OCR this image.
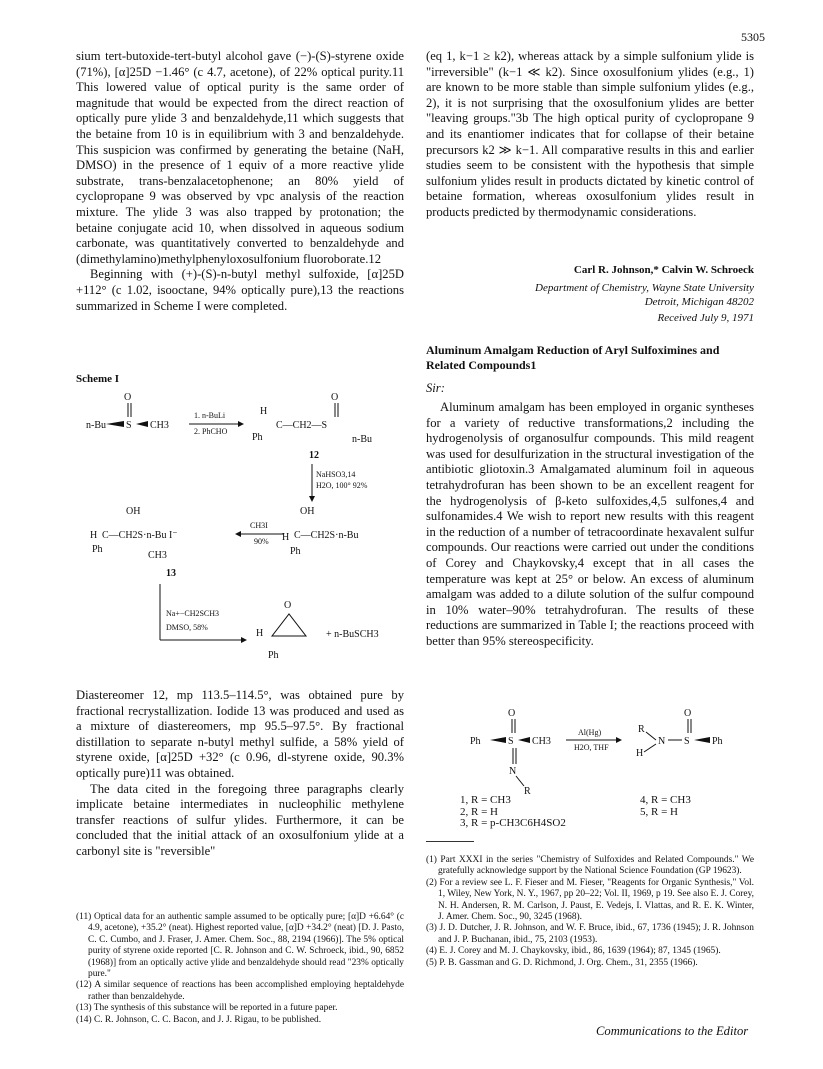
5305

sium tert-butoxide-tert-butyl alcohol gave (−)-(S)-styrene oxide (71%), [α]25D −1.46° (c 4.7, acetone), of 22% optical purity.11 This lowered value of optical purity is the same order of magnitude that would be expected from the direct reaction of optically pure ylide 3 and benzaldehyde,11 which suggests that the betaine from 10 is in equilibrium with 3 and benzaldehyde. This suspicion was confirmed by generating the betaine (NaH, DMSO) in the presence of 1 equiv of a more reactive ylide substrate, trans-benzalacetophenone; an 80% yield of cyclopropane 9 was observed by vpc analysis of the reaction mixture. The ylide 3 was also trapped by protonation; the betaine conjugate acid 10, when dissolved in aqueous sodium carbonate, was quantitatively converted to benzaldehyde and (dimethylamino)methylphenyloxosulfonium fluoroborate.12

Beginning with (+)-(S)-n-butyl methyl sulfoxide, [α]25D +112° (c 1.02, isooctane, 94% optically pure),13 the reactions summarized in Scheme I were completed.

Scheme I
n-Bu S
O
CH3
1. n-BuLi
2. PhCHO
H
Ph
C—CH2—S
O
n-Bu
12
NaHSO3,14
H2O, 100° 92%
OH
H C—CH2S·n-Bu I⁻
Ph
CH3
CH3I
90%
OH
H C—CH2S·n-Bu
Ph
13
Na+−CH2SCH3
DMSO, 58%
H
O
Ph
+ n-BuSCH3

Diastereomer 12, mp 113.5–114.5°, was obtained pure by fractional recrystallization. Iodide 13 was produced and used as a mixture of diastereomers, mp 95.5–97.5°. By fractional distillation to separate n-butyl methyl sulfide, a 58% yield of styrene oxide, [α]25D +32° (c 0.96, dl-styrene oxide, 90.3% optically pure)11 was obtained.

The data cited in the foregoing three paragraphs clearly implicate betaine intermediates in nucleophilic methylene transfer reactions of sulfur ylides. Furthermore, it can be concluded that the initial attack of an oxosulfonium ylide at a carbonyl site is "reversible"

(11) Optical data for an authentic sample assumed to be optically pure; [α]D +6.64° (c 4.9, acetone), +35.2° (neat). Highest reported value, [α]D +34.2° (neat) [D. J. Pasto, C. C. Cumbo, and J. Fraser, J. Amer. Chem. Soc., 88, 2194 (1966)]. The 5% optical purity of styrene oxide reported [C. R. Johnson and C. W. Schroeck, ibid., 90, 6852 (1968)] from an optically active ylide and benzaldehyde should read "23% optically pure."

(12) A similar sequence of reactions has been accomplished employing heptaldehyde rather than benzaldehyde.

(13) The synthesis of this substance will be reported in a future paper.

(14) C. R. Johnson, C. C. Bacon, and J. J. Rigau, to be published.

(eq 1, k−1 ≥ k2), whereas attack by a simple sulfonium ylide is "irreversible" (k−1 ≪ k2). Since oxosulfonium ylides (e.g., 1) are known to be more stable than simple sulfonium ylides (e.g., 2), it is not surprising that the oxosulfonium ylides are better "leaving groups."3b The high optical purity of cyclopropane 9 and its enantiomer indicates that for collapse of their betaine precursors k2 ≫ k−1. All comparative results in this and earlier studies seem to be consistent with the hypothesis that simple sulfonium ylides result in products dictated by kinetic control of betaine formation, whereas oxosulfonium ylides result in products predicted by thermodynamic considerations.

Carl R. Johnson,* Calvin W. Schroeck
Department of Chemistry, Wayne State University
Detroit, Michigan 48202
Received July 9, 1971
Aluminum Amalgam Reduction of Aryl Sulfoximines and Related Compounds1
Sir:

Aluminum amalgam has been employed in organic syntheses for a variety of reductive transformations,2 including the hydrogenolysis of organosulfur compounds. This mild reagent was used for desulfurization in the structural investigation of the antibiotic gliotoxin.3 Amalgamated aluminum foil in aqueous tetrahydrofuran has been shown to be an excellent reagent for the hydrogenolysis of β-keto sulfoxides,4,5 sulfones,4 and sulfonamides.4 We wish to report new results with this reagent in the reduction of a number of tetracoordinate hexavalent sulfur compounds. Our reactions were carried out under the conditions of Corey and Chaykovsky,4 except that in all cases the temperature was kept at 25° or below. An excess of aluminum amalgam was added to a dilute solution of the sulfur compound in 10% water–90% tetrahydrofuran. The results of these reductions are summarized in Table I; the reactions proceed with better than 95% stereospecificity.

Ph	S
O
CH3
N
R
Al(Hg)
H2O, THF
R
H
N S
O
Ph
1, R = CH3
2, R = H
3, R = p-CH3C6H4SO2
4, R = CH3
5, R = H

(1) Part XXXI in the series "Chemistry of Sulfoxides and Related Compounds." We gratefully acknowledge support by the National Science Foundation (GP 19623).

(2) For a review see L. F. Fieser and M. Fieser, "Reagents for Organic Synthesis," Vol. 1, Wiley, New York, N. Y., 1967, pp 20–22; Vol. II, 1969, p 19. See also E. J. Corey, N. H. Andersen, R. M. Carlson, J. Paust, E. Vedejs, I. Vlattas, and R. E. K. Winter, J. Amer. Chem. Soc., 90, 3245 (1968).

(3) J. D. Dutcher, J. R. Johnson, and W. F. Bruce, ibid., 67, 1736 (1945); J. R. Johnson and J. P. Buchanan, ibid., 75, 2103 (1953).

(4) E. J. Corey and M. J. Chaykovsky, ibid., 86, 1639 (1964); 87, 1345 (1965).

(5) P. B. Gassman and G. D. Richmond, J. Org. Chem., 31, 2355 (1966).

Communications to the Editor
